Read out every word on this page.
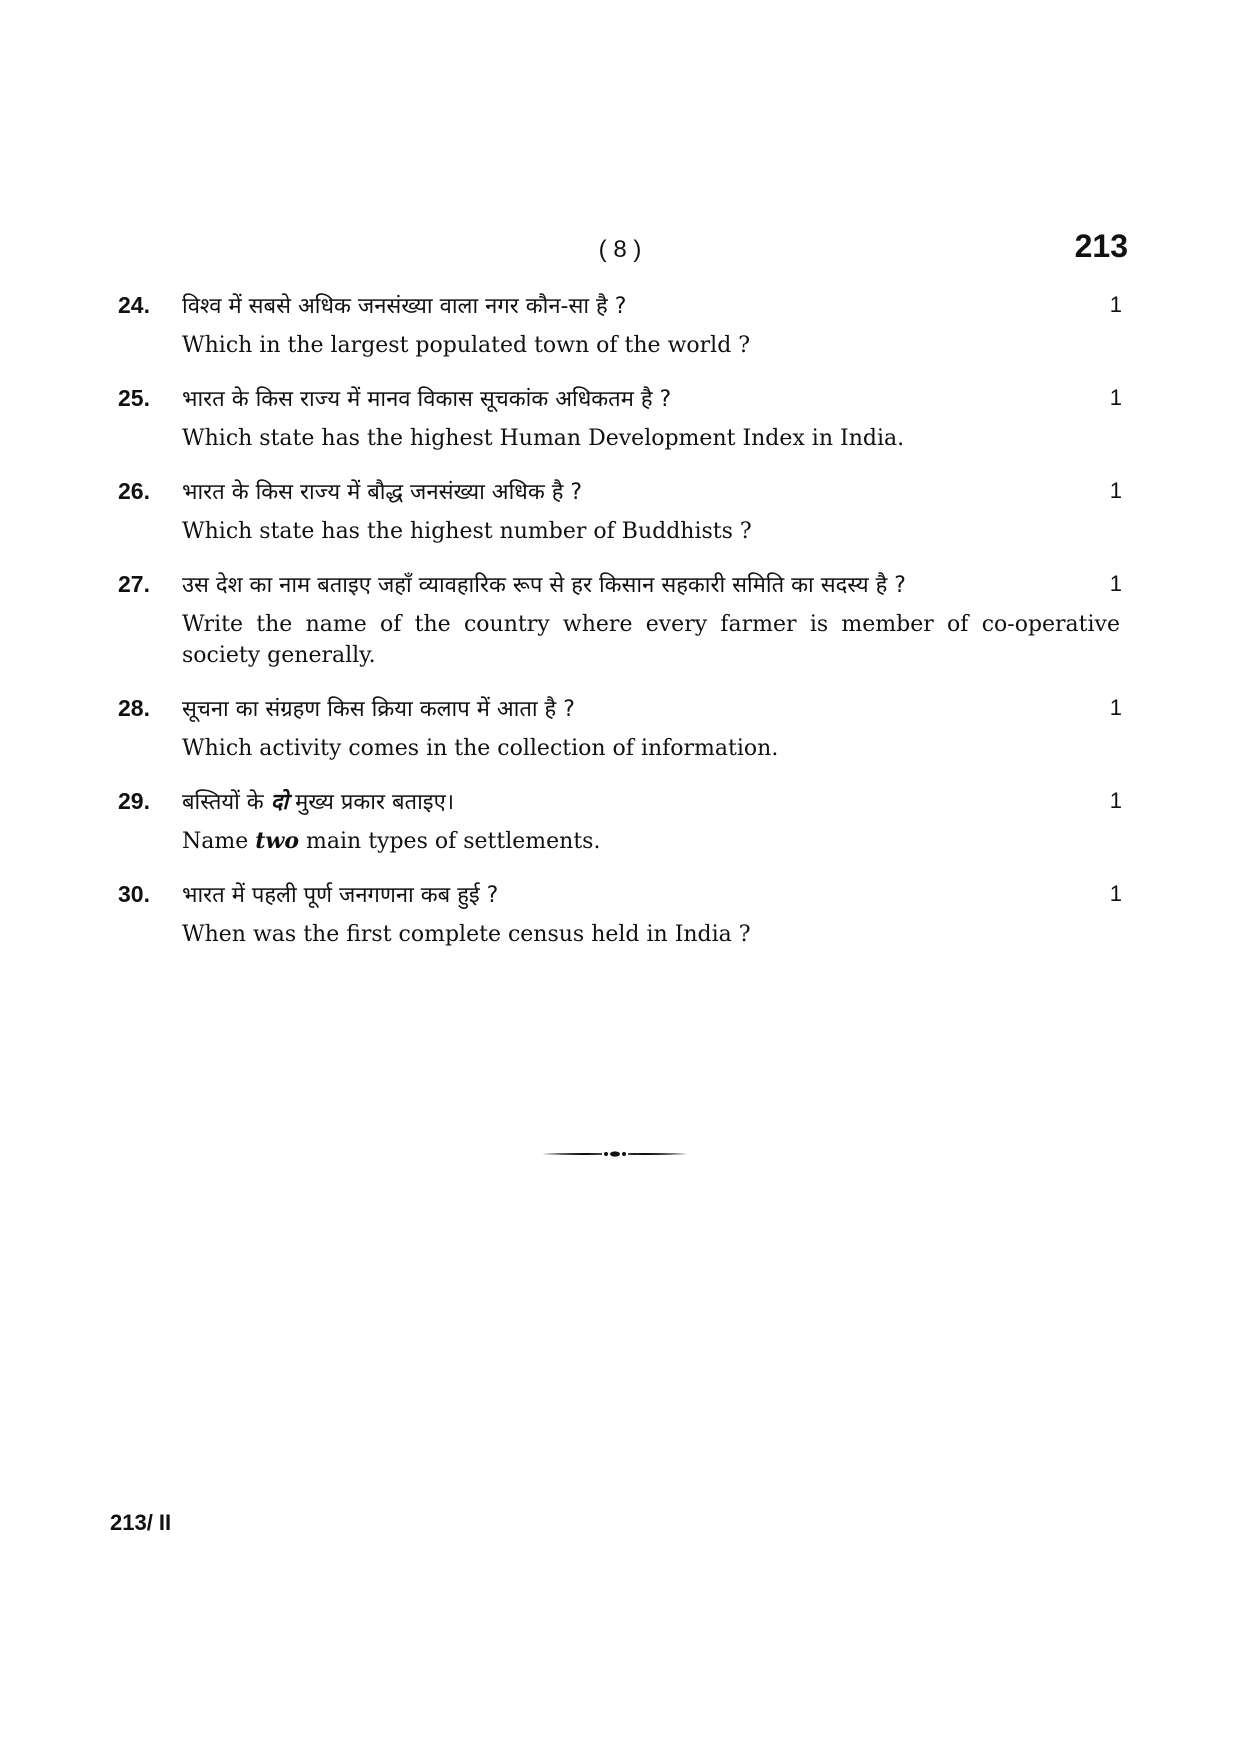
( 8 )	213
24.	1
विश्व में सबसे अधिक जनसंख्या वाला नगर कौन-सा है ?
Which in the largest populated town of the world ?
25.	1
भारत के किस राज्य में मानव विकास सूचकांक अधिकतम है ?
Which state has the highest Human Development Index in India.
26.	1
भारत के किस राज्य में बौद्ध जनसंख्या अधिक है ?
Which state has the highest number of Buddhists ?
27.	1
उस देश का नाम बताइए जहाँ व्यावहारिक रूप से हर किसान सहकारी समिति का सदस्य है ?
Write the name of the country where every farmer is member of co-operative society generally.
28.	1
सूचना का संग्रहण किस क्रिया कलाप में आता है ?
Which activity comes in the collection of information.
29.	1
बस्तियों के दो मुख्य प्रकार बताइए।
Name two main types of settlements.
30.	1
भारत में पहली पूर्ण जनगणना कब हुई ?
When was the first complete census held in India ?
213/ II
